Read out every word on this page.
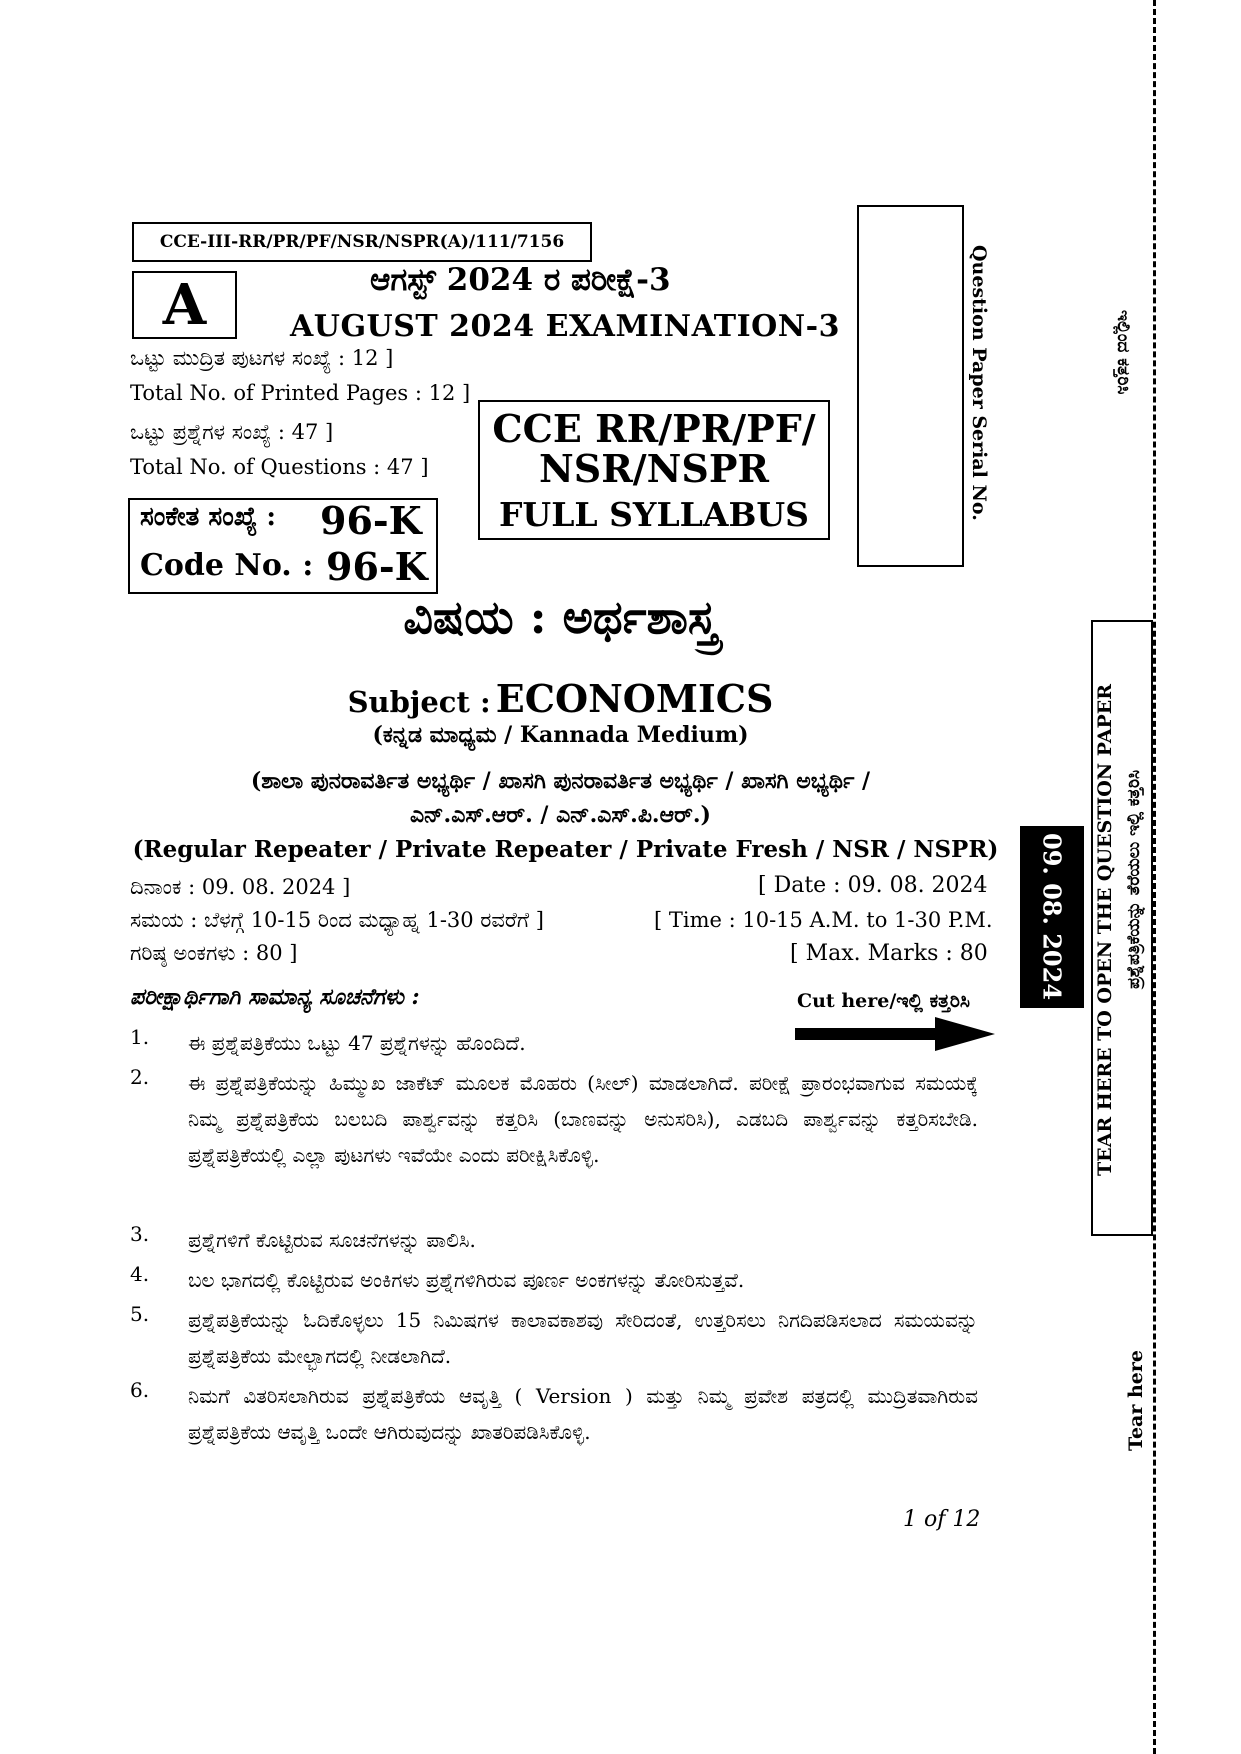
CCE-III-RR/PR/PF/NSR/NSPR(A)/111/7156
A	ಆಗಸ್ಟ್ 2024 ರ ಪರೀಕ್ಷೆ-3
AUGUST 2024 EXAMINATION-3
ಒಟ್ಟು ಮುದ್ರಿತ ಪುಟಗಳ ಸಂಖ್ಯೆ : 12 ]
Total No. of Printed Pages : 12 ]
ಒಟ್ಟು ಪ್ರಶ್ನೆಗಳ ಸಂಖ್ಯೆ : 47 ]
Total No. of Questions : 47 ]
CCE RR/PR/PF/
NSR/NSPR
FULL SYLLABUS
ಸಂಕೇತ ಸಂಖ್ಯೆ : 96-K
Code No. : 96-K
Question Paper Serial No.
ವಿಷಯ : ಅರ್ಥಶಾಸ್ತ್ರ
Subject : ECONOMICS
(ಕನ್ನಡ ಮಾಧ್ಯಮ / Kannada Medium)
(ಶಾಲಾ ಪುನರಾವರ್ತಿತ ಅಭ್ಯರ್ಥಿ / ಖಾಸಗಿ ಪುನರಾವರ್ತಿತ ಅಭ್ಯರ್ಥಿ / ಖಾಸಗಿ ಅಭ್ಯರ್ಥಿ /
ಎನ್.ಎಸ್.ಆರ್. / ಎನ್.ಎಸ್.ಪಿ.ಆರ್.)
(Regular Repeater / Private Repeater / Private Fresh / NSR / NSPR)
ದಿನಾಂಕ : 09. 08. 2024 ]	[ Date : 09. 08. 2024
ಸಮಯ : ಬೆಳಗ್ಗೆ 10-15 ರಿಂದ ಮಧ್ಯಾಹ್ನ 1-30 ರವರೆಗೆ ]	[ Time : 10-15 A.M. to 1-30 P.M.
ಗರಿಷ್ಠ ಅಂಕಗಳು : 80 ]	[ Max. Marks : 80
ಪರೀಕ್ಷಾರ್ಥಿಗಾಗಿ ಸಾಮಾನ್ಯ ಸೂಚನೆಗಳು :	Cut here/ಇಲ್ಲಿ ಕತ್ತರಿಸಿ
1. ಈ ಪ್ರಶ್ನೆಪತ್ರಿಕೆಯು ಒಟ್ಟು 47 ಪ್ರಶ್ನೆಗಳನ್ನು ಹೊಂದಿದೆ.
2. ಈ ಪ್ರಶ್ನೆಪತ್ರಿಕೆಯನ್ನು ಹಿಮ್ಮುಖ ಜಾಕೆಟ್ ಮೂಲಕ ಮೊಹರು (ಸೀಲ್) ಮಾಡಲಾಗಿದೆ. ಪರೀಕ್ಷೆ ಪ್ರಾರಂಭವಾಗುವ ಸಮಯಕ್ಕೆ ನಿಮ್ಮ ಪ್ರಶ್ನೆಪತ್ರಿಕೆಯ ಬಲಬದಿ ಪಾರ್ಶ್ವವನ್ನು ಕತ್ತರಿಸಿ (ಬಾಣವನ್ನು ಅನುಸರಿಸಿ), ಎಡಬದಿ ಪಾರ್ಶ್ವವನ್ನು ಕತ್ತರಿಸಬೇಡಿ. ಪ್ರಶ್ನೆಪತ್ರಿಕೆಯಲ್ಲಿ ಎಲ್ಲಾ ಪುಟಗಳು ಇವೆಯೇ ಎಂದು ಪರೀಕ್ಷಿಸಿಕೊಳ್ಳಿ.
3. ಪ್ರಶ್ನೆಗಳಿಗೆ ಕೊಟ್ಟಿರುವ ಸೂಚನೆಗಳನ್ನು ಪಾಲಿಸಿ.
4. ಬಲ ಭಾಗದಲ್ಲಿ ಕೊಟ್ಟಿರುವ ಅಂಕಿಗಳು ಪ್ರಶ್ನೆಗಳಿಗಿರುವ ಪೂರ್ಣ ಅಂಕಗಳನ್ನು ತೋರಿಸುತ್ತವೆ.
5. ಪ್ರಶ್ನೆಪತ್ರಿಕೆಯನ್ನು ಓದಿಕೊಳ್ಳಲು 15 ನಿಮಿಷಗಳ ಕಾಲಾವಕಾಶವು ಸೇರಿದಂತೆ, ಉತ್ತರಿಸಲು ನಿಗದಿಪಡಿಸಲಾದ ಸಮಯವನ್ನು ಪ್ರಶ್ನೆಪತ್ರಿಕೆಯ ಮೇಲ್ಭಾಗದಲ್ಲಿ ನೀಡಲಾಗಿದೆ.
6. ನಿಮಗೆ ವಿತರಿಸಲಾಗಿರುವ ಪ್ರಶ್ನೆಪತ್ರಿಕೆಯ ಆವೃತ್ತಿ ( Version ) ಮತ್ತು ನಿಮ್ಮ ಪ್ರವೇಶ ಪತ್ರದಲ್ಲಿ ಮುದ್ರಿತವಾಗಿರುವ ಪ್ರಶ್ನೆಪತ್ರಿಕೆಯ ಆವೃತ್ತಿ ಒಂದೇ ಆಗಿರುವುದನ್ನು ಖಾತರಿಪಡಿಸಿಕೊಳ್ಳಿ.
1 of 12
ಇಲ್ಲಿಂದ ಕತ್ತರಿಸಿ
09. 08. 2024	TEAR HERE TO OPEN THE QUESTION PAPER ಪ್ರಶ್ನೆಪತ್ರಿಕೆಯನ್ನು ತೆರೆಯಲು ಇಲ್ಲಿ ಕತ್ತರಿಸಿ
Tear here
